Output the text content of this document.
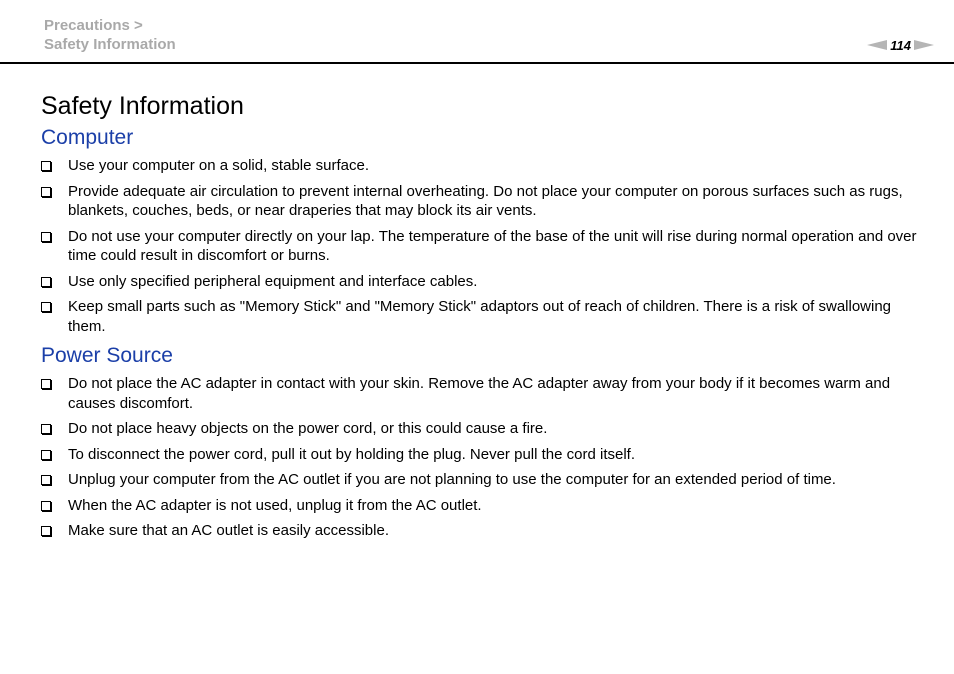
Precautions >
Safety Information	114
Safety Information
Computer
Use your computer on a solid, stable surface.
Provide adequate air circulation to prevent internal overheating. Do not place your computer on porous surfaces such as rugs, blankets, couches, beds, or near draperies that may block its air vents.
Do not use your computer directly on your lap. The temperature of the base of the unit will rise during normal operation and over time could result in discomfort or burns.
Use only specified peripheral equipment and interface cables.
Keep small parts such as "Memory Stick" and "Memory Stick" adaptors out of reach of children. There is a risk of swallowing them.
Power Source
Do not place the AC adapter in contact with your skin. Remove the AC adapter away from your body if it becomes warm and causes discomfort.
Do not place heavy objects on the power cord, or this could cause a fire.
To disconnect the power cord, pull it out by holding the plug. Never pull the cord itself.
Unplug your computer from the AC outlet if you are not planning to use the computer for an extended period of time.
When the AC adapter is not used, unplug it from the AC outlet.
Make sure that an AC outlet is easily accessible.
